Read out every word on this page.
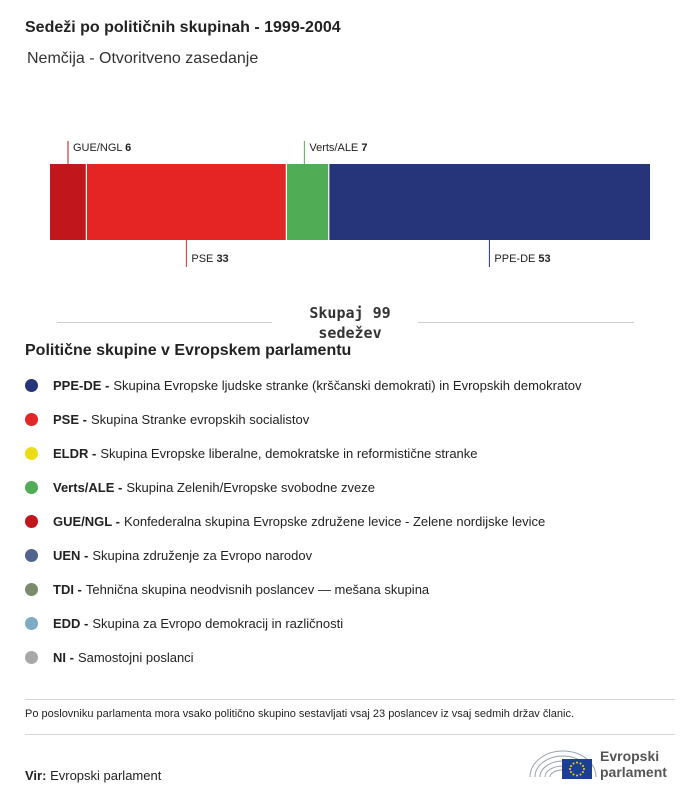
Sedeži po političnih skupinah - 1999-2004
Nemčija - Otvoritveno zasedanje
GUE/NGL 6
PSE 33
Verts/ALE 7
PPE-DE 53
Skupaj 99
sedežev
Politične skupine v Evropskem parlamentu
PPE-DE - Skupina Evropske ljudske stranke (krščanski demokrati) in Evropskih demokratov
PSE - Skupina Stranke evropskih socialistov
ELDR - Skupina Evropske liberalne, demokratske in reformistične stranke
Verts/ALE - Skupina Zelenih/Evropske svobodne zveze
GUE/NGL - Konfederalna skupina Evropske združene levice - Zelene nordijske levice
UEN - Skupina združenje za Evropo narodov
TDI - Tehnična skupina neodvisnih poslancev — mešana skupina
EDD - Skupina za Evropo demokracij in različnosti
NI - Samostojni poslanci
Po poslovniku parlamenta mora vsako politično skupino sestavljati vsaj 23 poslancev iz vsaj sedmih držav članic.
Vir: Evropski parlament
Evropski
parlament
